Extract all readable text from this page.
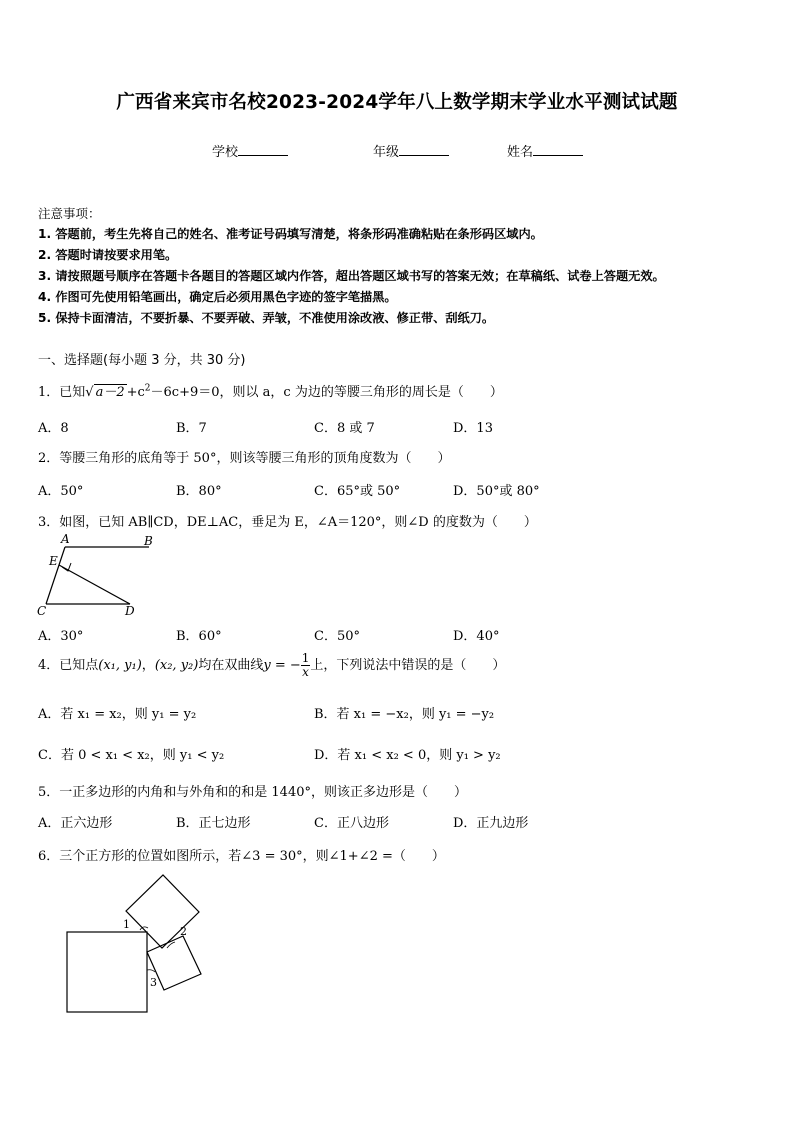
广西省来宾市名校2023-2024学年八上数学期末学业水平测试试题
学校	年级	姓名
注意事项：
1. 答题前，考生先将自己的姓名、准考证号码填写清楚，将条形码准确粘贴在条形码区域内。
2. 答题时请按要求用笔。
3. 请按照题号顺序在答题卡各题目的答题区域内作答，超出答题区域书写的答案无效；在草稿纸、试卷上答题无效。
4. 作图可先使用铅笔画出，确定后必须用黑色字迹的签字笔描黑。
5. 保持卡面清洁，不要折暴、不要弄破、弄皱，不准使用涂改液、修正带、刮纸刀。
一、选择题(每小题 3 分，共 30 分)
1．已知√ $a-2 +c^2-6c+9=0$，则以 a，c 为边的等腰三角形的周长是（　　）
A．8	B．7	C．8 或 7	D．13
2．等腰三角形的底角等于 50°，则该等腰三角形的顶角度数为（　　）
A．50°	B．80°	C．65°或 50°	D．50°或 80°
3．如图，已知 AB∥CD，DE⊥AC，垂足为 E，∠A＝120°，则∠D 的度数为（　　）
A	B
E
C	D
A．30°	B．60°	C．50°	D．40°
4．已知点(x₁, y₁)，(x₂, y₂)均在双曲线y = − $\frac{1}{x}$ 上，下列说法中错误的是（　　）
A．若 x₁ = x₂，则 y₁ = y₂	B．若 x₁ = −x₂，则 y₁ = −y₂
C．若 0 < x₁ < x₂，则 y₁ < y₂	D．若 x₁ < x₂ < 0，则 y₁ > y₂
5．一正多边形的内角和与外角和的和是 1440°，则该正多边形是（　　）
A．正六边形	B．正七边形	C．正八边形	D．正九边形
6．三个正方形的位置如图所示，若∠3 = 30°，则∠1+∠2 =（　　）
1
2
3
